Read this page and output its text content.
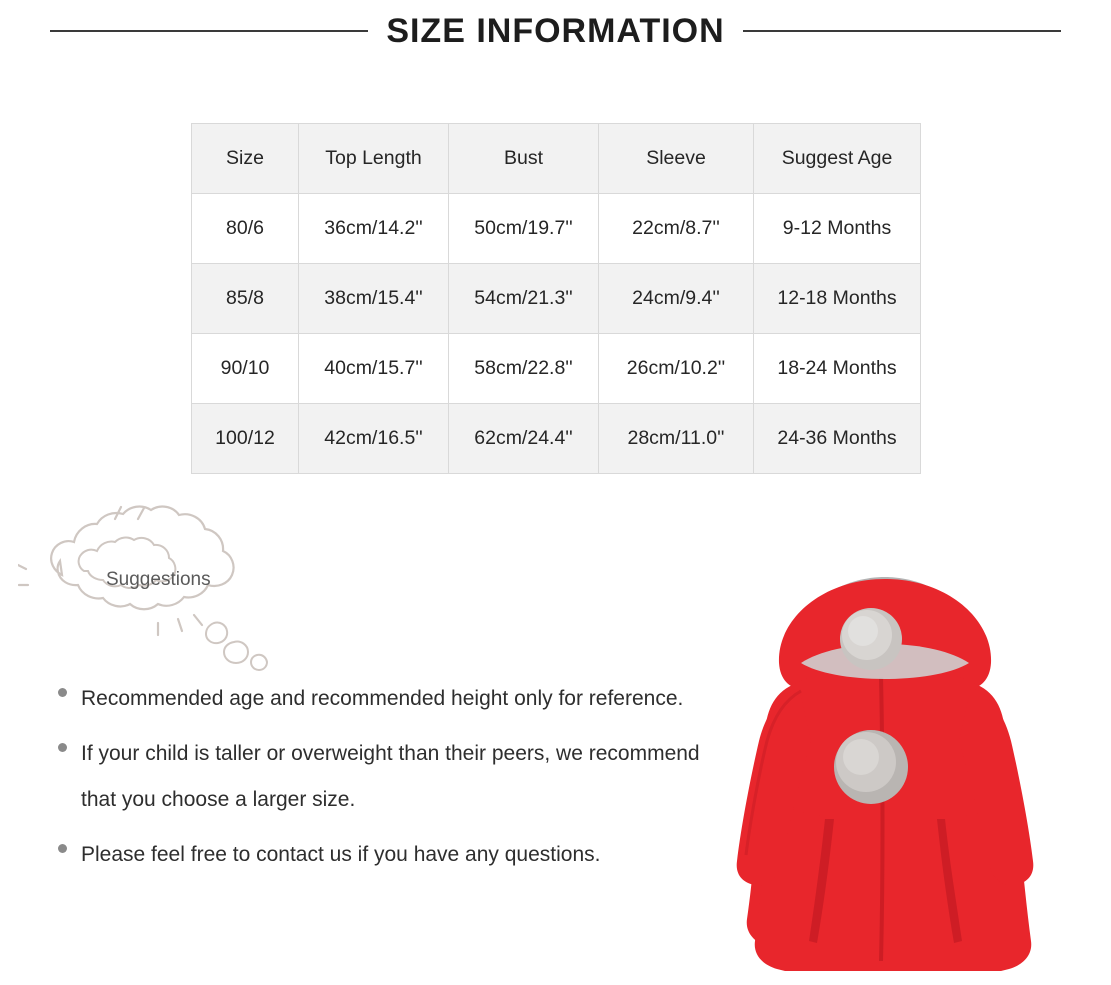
SIZE INFORMATION
Size	Top Length	Bust	Sleeve	Suggest Age
80/6	36cm/14.2''	50cm/19.7''	22cm/8.7''	9-12 Months
85/8	38cm/15.4''	54cm/21.3''	24cm/9.4''	12-18 Months
90/10	40cm/15.7''	58cm/22.8''	26cm/10.2''	18-24 Months
100/12	42cm/16.5''	62cm/24.4''	28cm/11.0''	24-36 Months
Suggestions
Recommended age and recommended height only for reference.
If your child is taller or overweight than their peers, we recommend that you choose a larger size.
Please feel free to contact us if you have any questions.
